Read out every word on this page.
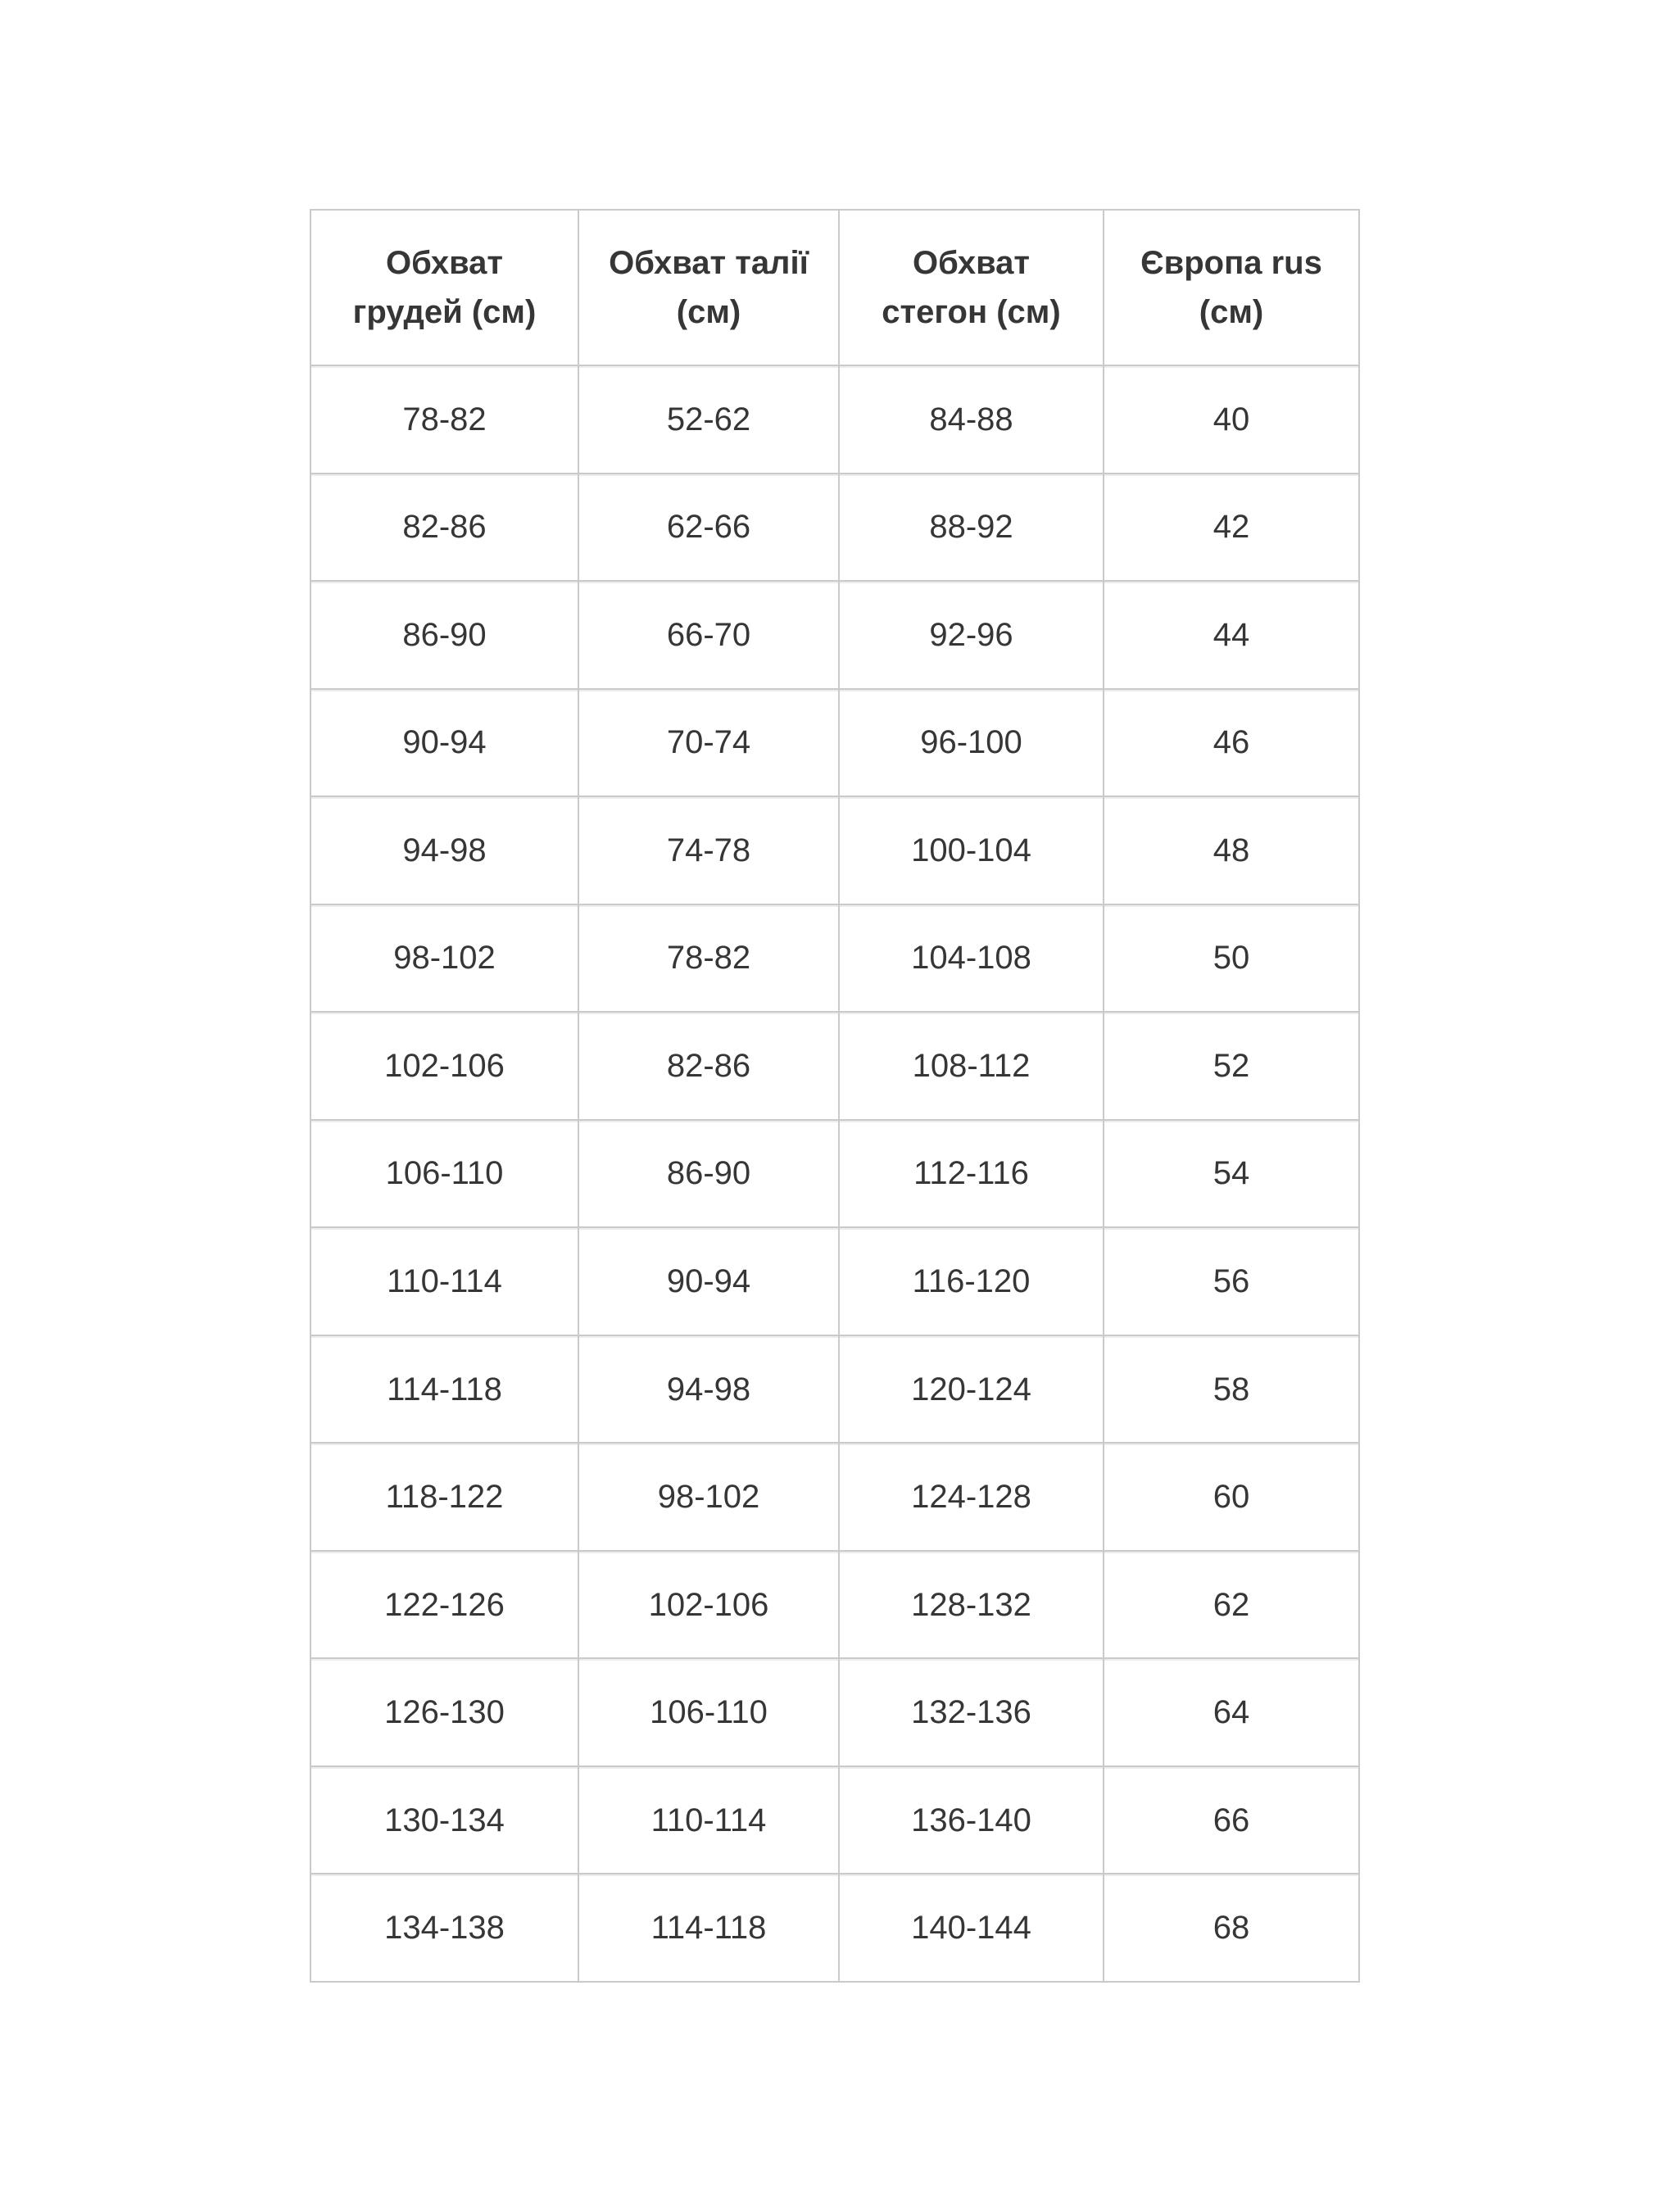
Обхват грудей (см)	Обхват талії (см)	Обхват стегон (см)	Європа rus (см)
78-82	52-62	84-88	40
82-86	62-66	88-92	42
86-90	66-70	92-96	44
90-94	70-74	96-100	46
94-98	74-78	100-104	48
98-102	78-82	104-108	50
102-106	82-86	108-112	52
106-110	86-90	112-116	54
110-114	90-94	116-120	56
114-118	94-98	120-124	58
118-122	98-102	124-128	60
122-126	102-106	128-132	62
126-130	106-110	132-136	64
130-134	110-114	136-140	66
134-138	114-118	140-144	68
